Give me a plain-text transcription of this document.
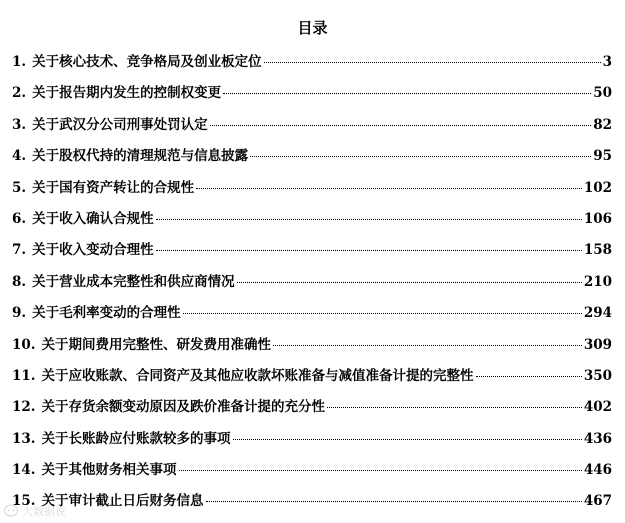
目录
1. 关于核心技术、竞争格局及创业板定位	3
2. 关于报告期内发生的控制权变更	50
3. 关于武汉分公司刑事处罚认定	82
4. 关于股权代持的清理规范与信息披露	95
5. 关于国有资产转让的合规性	102
6. 关于收入确认合规性	106
7. 关于收入变动合理性	158
8. 关于营业成本完整性和供应商情况	210
9. 关于毛利率变动的合理性	294
10. 关于期间费用完整性、研发费用准确性	309
11. 关于应收账款、合同资产及其他应收款坏账准备与减值准备计提的完整性	350
12. 关于存货余额变动原因及跌价准备计提的充分性	402
13. 关于长账龄应付账款较多的事项	436
14. 关于其他财务相关事项	446
15. 关于审计截止日后财务信息	467
大数据说
